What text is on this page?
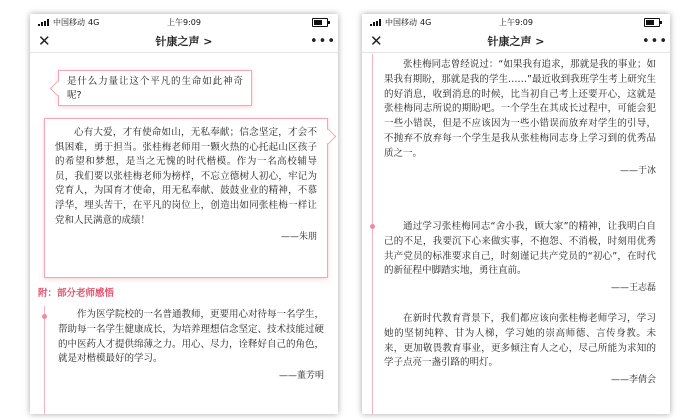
中国移动 4G	上午9:09
✕	针康之声 >	•••

是什么力量让这个平凡的生命如此神奇呢?

心有大爱，才有使命如山，无私奉献；信念坚定，才会不惧困难，勇于担当。张桂梅老师用一颗火热的心托起山区孩子的希望和梦想，是当之无愧的时代楷模。作为一名高校辅导员，我们要以张桂梅老师为榜样，不忘立德树人初心，牢记为党育人，为国育才使命，用无私奉献、鼓鼓业业的精神，不慕浮华，埋头苦干，在平凡的岗位上，创造出如同张桂梅一样让党和人民满意的成绩！

——朱朋
附：部分老师感悟

作为医学院校的一名普通教师，更要用心对待每一名学生，帮助每一名学生健康成长，为培养理想信念坚定、技术技能过硬的中医药人才提供绵薄之力。用心、尽力，诠释好自己的角色，就是对楷模最好的学习。

——董芳明
中国移动 4G	上午9:09
✕	针康之声 >	•••

张桂梅同志曾经说过：“如果我有追求，那就是我的事业；如果我有期盼，那就是我的学生……”最近收到我班学生考上研究生的好消息，收到消息的时候，比当初自己考上还要开心，这就是张桂梅同志所说的期盼吧。一个学生在其成长过程中，可能会犯一些小错误，但是不应该因为一些小错误而放弃对学生的引导，不抛弃不放弃每一个学生是我从张桂梅同志身上学习到的优秀品质之一。

——于冰

通过学习张桂梅同志“舍小我，顾大家”的精神，让我明白自己的不足，我要沉下心来做实事，不抱怨、不消极，时刻用优秀共产党员的标准要求自己，时刻谨记共产党员的“初心”，在时代的新征程中脚踏实地，勇往直前。

——王志磊

在新时代教育背景下，我们都应该向张桂梅老师学习，学习她的坚韧纯粹、甘为人梯，学习她的崇高师德、言传身教。未来，更加敬畏教育事业，更多倾注育人之心，尽己所能为求知的学子点亮一盏引路的明灯。

——李倩会
